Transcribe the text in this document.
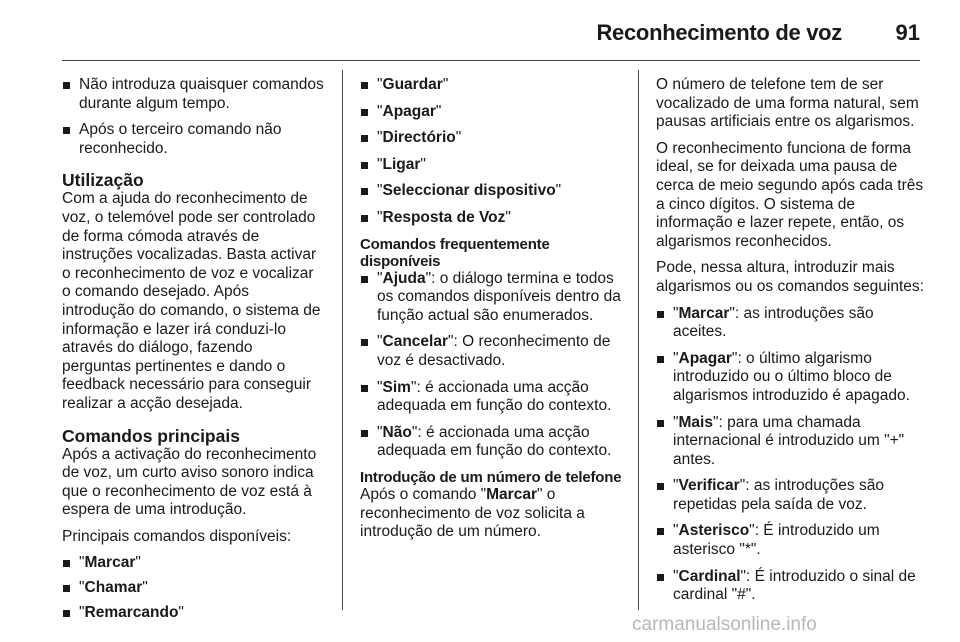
Reconhecimento de voz 91
Não introduza quaisquer comandos durante algum tempo.
Após o terceiro comando não reconhecido.
Utilização

Com a ajuda do reconhecimento de voz, o telemóvel pode ser controlado de forma cómoda através de instruções vocalizadas. Basta activar o reconhecimento de voz e vocalizar o comando desejado. Após introdução do comando, o sistema de informação e lazer irá conduzi-lo através do diálogo, fazendo perguntas pertinentes e dando o feedback necessário para conseguir realizar a acção desejada.

Comandos principais

Após a activação do reconhecimento de voz, um curto aviso sonoro indica que o reconhecimento de voz está à espera de uma introdução.

Principais comandos disponíveis:

"Marcar"
"Chamar"
"Remarcando"
"Guardar"
"Apagar"
"Directório"
"Ligar"
"Seleccionar dispositivo"
"Resposta de Voz"
Comandos frequentemente disponíveis
"Ajuda": o diálogo termina e todos os comandos disponíveis dentro da função actual são enumerados.
"Cancelar": O reconhecimento de voz é desactivado.
"Sim": é accionada uma acção adequada em função do contexto.
"Não": é accionada uma acção adequada em função do contexto.
Introdução de um número de telefone

Após o comando "Marcar" o reconhecimento de voz solicita a introdução de um número.

O número de telefone tem de ser vocalizado de uma forma natural, sem pausas artificiais entre os algarismos.

O reconhecimento funciona de forma ideal, se for deixada uma pausa de cerca de meio segundo após cada três a cinco dígitos. O sistema de informação e lazer repete, então, os algarismos reconhecidos.

Pode, nessa altura, introduzir mais algarismos ou os comandos seguintes:

"Marcar": as introduções são aceites.
"Apagar": o último algarismo introduzido ou o último bloco de algarismos introduzido é apagado.
"Mais": para uma chamada internacional é introduzido um "+" antes.
"Verificar": as introduções são repetidas pela saída de voz.
"Asterisco": É introduzido um asterisco "*".
"Cardinal": É introduzido o sinal de cardinal "#".
carmanualsonline.info
